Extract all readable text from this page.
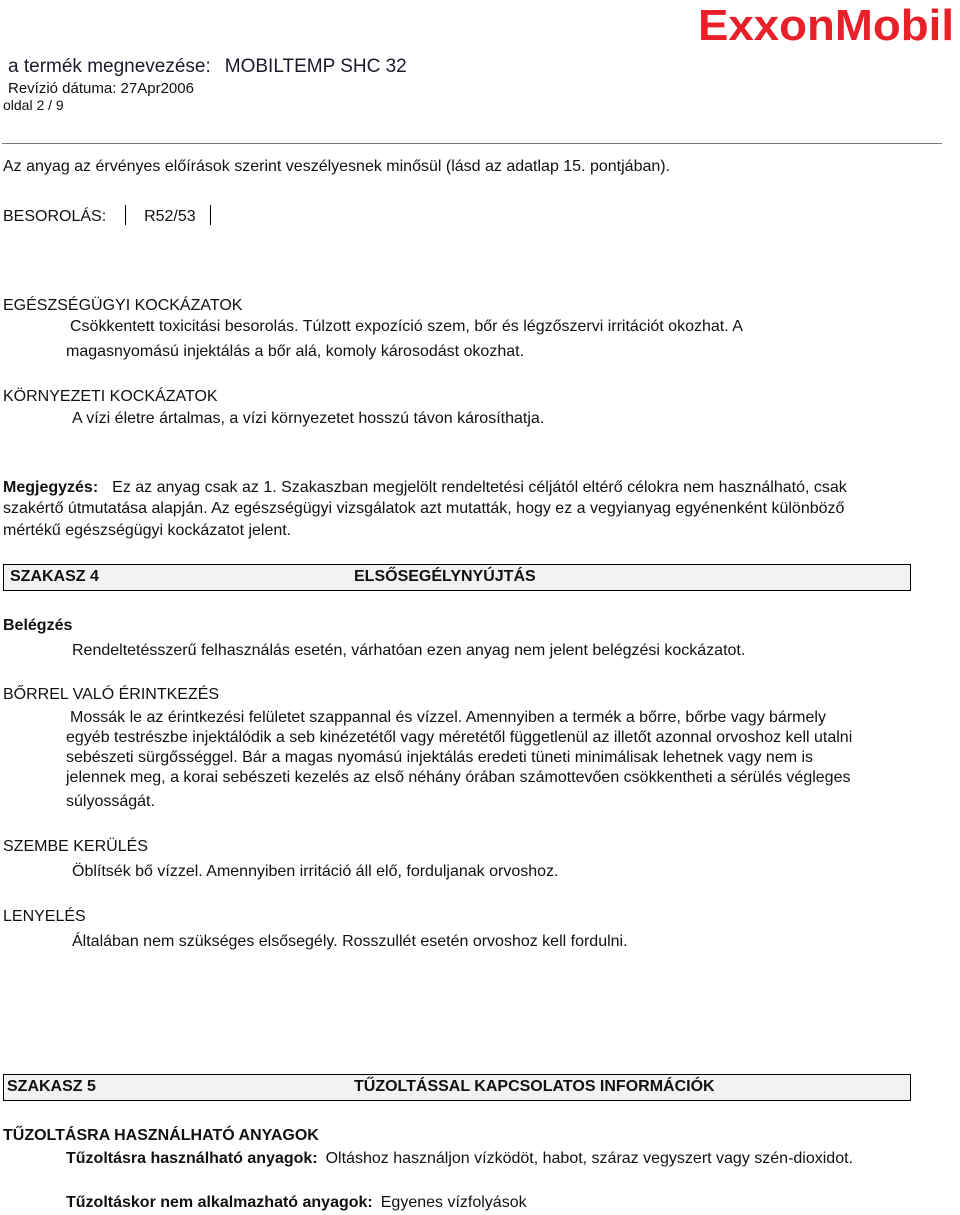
ExxonMobil
a termék megnevezése: MOBILTEMP SHC 32
Revízió dátuma: 27Apr2006
oldal 2 / 9
Az anyag az érvényes előírások szerint veszélyesnek minősül (lásd az adatlap 15. pontjában).
BESOROLÁS: R52/53
EGÉSZSÉGÜGYI KOCKÁZATOK
Csökkentett toxicitási besorolás. Túlzott expozíció szem, bőr és légzőszervi irritációt okozhat. A
magasnyomású injektálás a bőr alá, komoly károsodást okozhat.
KÖRNYEZETI KOCKÁZATOK
A vízi életre ártalmas, a vízi környezetet hosszú távon károsíthatja.
Megjegyzés: Ez az anyag csak az 1. Szakaszban megjelölt rendeltetési céljától eltérő célokra nem használható, csak
szakértő útmutatása alapján. Az egészségügyi vizsgálatok azt mutatták, hogy ez a vegyianyag egyénenként különböző
mértékű egészségügyi kockázatot jelent.
SZAKASZ 4	ELSŐSEGÉLYNYÚJTÁS
Belégzés
Rendeltetésszerű felhasználás esetén, várhatóan ezen anyag nem jelent belégzési kockázatot.
BŐRREL VALÓ ÉRINTKEZÉS
Mossák le az érintkezési felületet szappannal és vízzel. Amennyiben a termék a bőrre, bőrbe vagy bármely
egyéb testrészbe injektálódik a seb kinézetétől vagy méretétől függetlenül az illetőt azonnal orvoshoz kell utalni
sebészeti sürgősséggel. Bár a magas nyomású injektálás eredeti tüneti minimálisak lehetnek vagy nem is
jelennek meg, a korai sebészeti kezelés az első néhány órában számottevően csökkentheti a sérülés végleges
súlyosságát.
SZEMBE KERÜLÉS
Öblítsék bő vízzel. Amennyiben irritáció áll elő, forduljanak orvoshoz.
LENYELÉS
Általában nem szükséges elsősegély. Rosszullét esetén orvoshoz kell fordulni.
SZAKASZ 5	TŰZOLTÁSSAL KAPCSOLATOS INFORMÁCIÓK
TŰZOLTÁSRA HASZNÁLHATÓ ANYAGOK
Tűzoltásra használható anyagok: Oltáshoz használjon vízködöt, habot, száraz vegyszert vagy szén-dioxidot.
Tűzoltáskor nem alkalmazható anyagok: Egyenes vízfolyások
